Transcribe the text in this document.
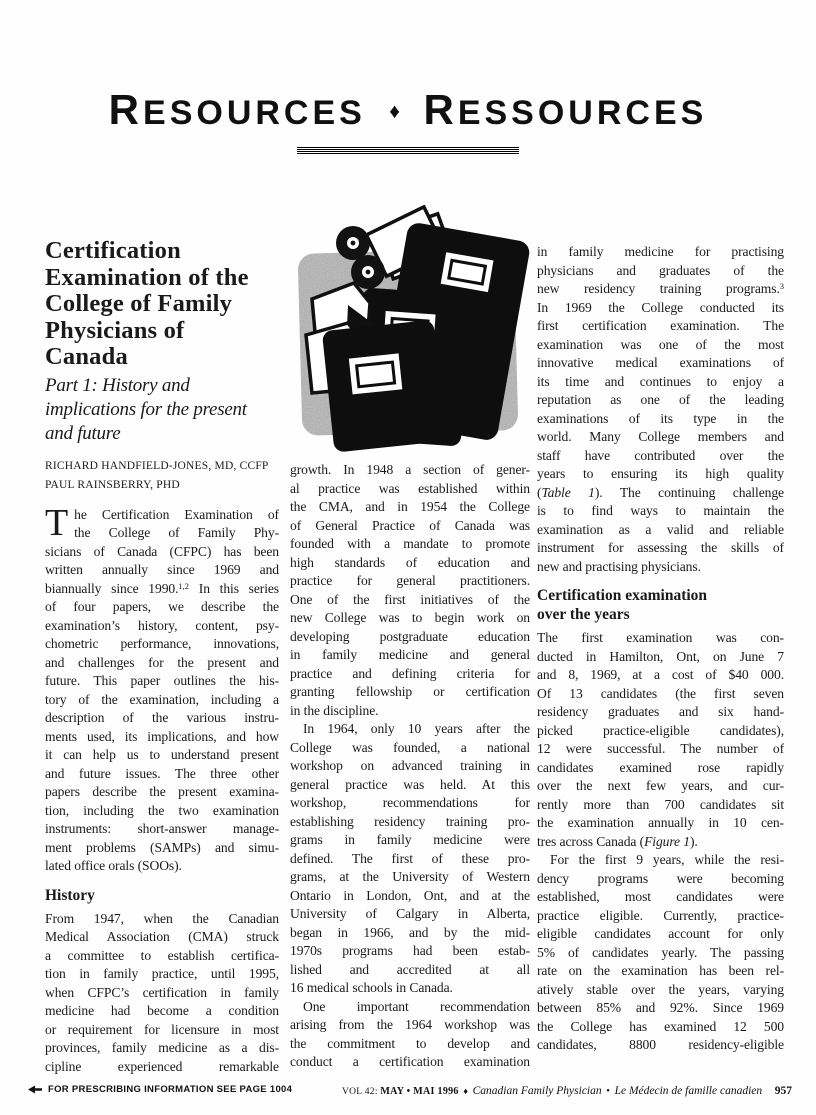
RESOURCES ♦ RESSOURCES
Certification
Examination of the
College of Family
Physicians of
Canada
Part 1: History and
implications for the present
and future
RICHARD HANDFIELD-JONES, MD, CCFP
PAUL RAINSBERRY, PHD
T he Certification Examination of
the College of Family Phy-
sicians of Canada (CFPC) has been
written annually since 1969 and
biannually since 1990.$^{1,2}$ In this series
of four papers, we describe the
examination’s history, content, psy-
chometric performance, innovations,
and challenges for the present and
future. This paper outlines the his-
tory of the examination, including a
description of the various instru-
ments used, its implications, and how
it can help us to understand present
and future issues. The three other
papers describe the present examina-
tion, including the two examination
instruments: short-answer manage-
ment problems (SAMPs) and simu-
lated office orals (SOOs).
History
From 1947, when the Canadian
Medical Association (CMA) struck
a committee to establish certifica-
tion in family practice, until 1995,
when CFPC’s certification in family
medicine had become a condition
or requirement for licensure in most
provinces, family medicine as a dis-
cipline experienced remarkable
growth. In 1948 a section of gener-
al practice was established within
the CMA, and in 1954 the College
of General Practice of Canada was
founded with a mandate to promote
high standards of education and
practice for general practitioners.
One of the first initiatives of the
new College was to begin work on
developing postgraduate education
in family medicine and general
practice and defining criteria for
granting fellowship or certification
in the discipline.
In 1964, only 10 years after the
College was founded, a national
workshop on advanced training in
general practice was held. At this
workshop, recommendations for
establishing residency training pro-
grams in family medicine were
defined. The first of these pro-
grams, at the University of Western
Ontario in London, Ont, and at the
University of Calgary in Alberta,
began in 1966, and by the mid-
1970s programs had been estab-
lished and accredited at all
16 medical schools in Canada.
One important recommendation
arising from the 1964 workshop was
the commitment to develop and
conduct a certification examination
in family medicine for practising
physicians and graduates of the
new residency training programs.$^3$
In 1969 the College conducted its
first certification examination. The
examination was one of the most
innovative medical examinations of
its time and continues to enjoy a
reputation as one of the leading
examinations of its type in the
world. Many College members and
staff have contributed over the
years to ensuring its high quality
(Table 1). The continuing challenge
is to find ways to maintain the
examination as a valid and reliable
instrument for assessing the skills of
new and practising physicians.
Certification examination
over the years
The first examination was con-
ducted in Hamilton, Ont, on June 7
and 8, 1969, at a cost of $40 000.
Of 13 candidates (the first seven
residency graduates and six hand-
picked practice-eligible candidates),
12 were successful. The number of
candidates examined rose rapidly
over the next few years, and cur-
rently more than 700 candidates sit
the examination annually in 10 cen-
tres across Canada (Figure 1).
For the first 9 years, while the resi-
dency programs were becoming
established, most candidates were
practice eligible. Currently, practice-
eligible candidates account for only
5% of candidates yearly. The passing
rate on the examination has been rel-
atively stable over the years, varying
between 85% and 92%. Since 1969
the College has examined 12 500
candidates, 8800 residency-eligible
FOR PRESCRIBING INFORMATION SEE PAGE 1004	VOL 42: MAY • MAI 1996 ♦ Canadian Family Physician • Le Médecin de famille canadien 957
